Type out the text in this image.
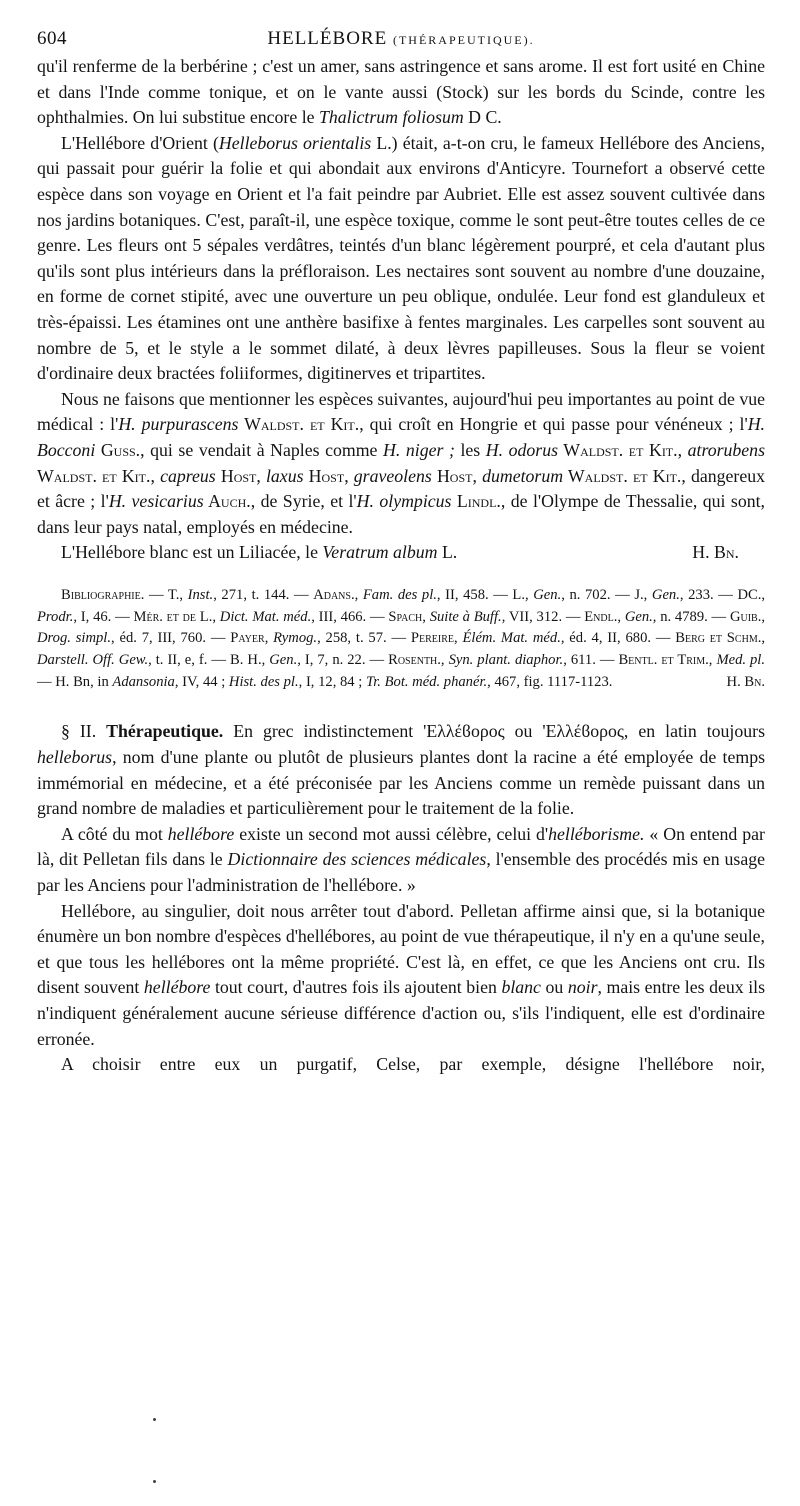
604	HELLÉBORE (THÉRAPEUTIQUE).

qu'il renferme de la berbérine ; c'est un amer, sans astringence et sans arome. Il est fort usité en Chine et dans l'Inde comme tonique, et on le vante aussi (Stock) sur les bords du Scinde, contre les ophthalmies. On lui substitue encore le Thalictrum foliosum D C.

L'Hellébore d'Orient (Helleborus orientalis L.) était, a-t-on cru, le fameux Hellébore des Anciens, qui passait pour guérir la folie et qui abondait aux environs d'Anticyre. Tournefort a observé cette espèce dans son voyage en Orient et l'a fait peindre par Aubriet. Elle est assez souvent cultivée dans nos jardins botaniques. C'est, paraît-il, une espèce toxique, comme le sont peut-être toutes celles de ce genre. Les fleurs ont 5 sépales verdâtres, teintés d'un blanc légèrement pourpré, et cela d'autant plus qu'ils sont plus intérieurs dans la préfloraison. Les nectaires sont souvent au nombre d'une douzaine, en forme de cornet stipité, avec une ouverture un peu oblique, ondulée. Leur fond est glanduleux et très-épaissi. Les étamines ont une anthère basifixe à fentes marginales. Les carpelles sont souvent au nombre de 5, et le style a le sommet dilaté, à deux lèvres papilleuses. Sous la fleur se voient d'ordinaire deux bractées foliiformes, digitinerves et tripartites.

Nous ne faisons que mentionner les espèces suivantes, aujourd'hui peu importantes au point de vue médical : l'H. purpurascens Waldst. et Kit., qui croît en Hongrie et qui passe pour vénéneux ; l'H. Bocconi Guss., qui se vendait à Naples comme H. niger ; les H. odorus Waldst. et Kit., atrorubens Waldst. et Kit., capreus Host, laxus Host, graveolens Host, dumetorum Waldst. et Kit., dangereux et âcre ; l'H. vesicarius Auch., de Syrie, et l'H. olympicus Lindl., de l'Olympe de Thessalie, qui sont, dans leur pays natal, employés en médecine.

L'Hellébore blanc est un Liliacée, le Veratrum album L.	H. Bn.

Bibliographie. — T., Inst., 271, t. 144. — Adans., Fam. des pl., II, 458. — L., Gen., n. 702. — J., Gen., 233. — DC., Prodr., I, 46. — Mér. et de L., Dict. Mat. méd., III, 466. — Spach, Suite à Buff., VII, 312. — Endl., Gen., n. 4789. — Guib., Drog. simpl., éd. 7, III, 760. — Payer, Rymog., 258, t. 57. — Pereire, Élém. Mat. méd., éd. 4, II, 680. — Berg et Schm., Darstell. Off. Gew., t. II, e, f. — B. H., Gen., I, 7, n. 22. — Rosenth., Syn. plant. diaphor., 611. — Bentl. et Trim., Med. pl. — H. Bn, in Adansonia, IV, 44 ; Hist. des pl., I, 12, 84 ; Tr. Bot. méd. phanér., 467, fig. 1117-1123.	H. Bn.

§ II. Thérapeutique. En grec indistinctement 'Ελλέϐορος ou 'Ελλέϐορος, en latin toujours helleborus, nom d'une plante ou plutôt de plusieurs plantes dont la racine a été employée de temps immémorial en médecine, et a été préconisée par les Anciens comme un remède puissant dans un grand nombre de maladies et particulièrement pour le traitement de la folie.

A côté du mot hellébore existe un second mot aussi célèbre, celui d'helléborisme. « On entend par là, dit Pelletan fils dans le Dictionnaire des sciences médicales, l'ensemble des procédés mis en usage par les Anciens pour l'administration de l'hellébore. »

Hellébore, au singulier, doit nous arrêter tout d'abord. Pelletan affirme ainsi que, si la botanique énumère un bon nombre d'espèces d'hellébores, au point de vue thérapeutique, il n'y en a qu'une seule, et que tous les hellébores ont la même propriété. C'est là, en effet, ce que les Anciens ont cru. Ils disent souvent hellébore tout court, d'autres fois ils ajoutent bien blanc ou noir, mais entre les deux ils n'indiquent généralement aucune sérieuse différence d'action ou, s'ils l'indiquent, elle est d'ordinaire erronée.

A choisir entre eux un purgatif, Celse, par exemple, désigne l'hellébore noir,
